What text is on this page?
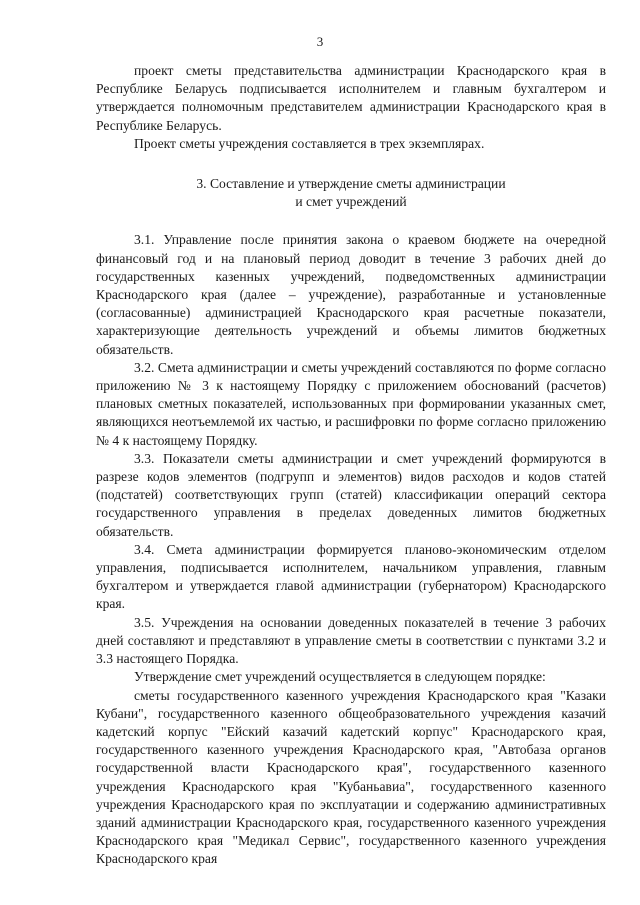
3

проект сметы представительства администрации Краснодарского края в Республике Беларусь подписывается исполнителем и главным бухгалтером и утверждается полномочным представителем администрации Краснодарского края в Республике Беларусь.

Проект сметы учреждения составляется в трех экземплярах.

3. Составление и утверждение сметы администрации
и смет учреждений

3.1. Управление после принятия закона о краевом бюджете на очередной финансовый год и на плановый период доводит в течение 3 рабочих дней до государственных казенных учреждений, подведомственных администрации Краснодарского края (далее – учреждение), разработанные и установленные (согласованные) администрацией Краснодарского края расчетные показатели, характеризующие деятельность учреждений и объемы лимитов бюджетных обязательств.

3.2. Смета администрации и сметы учреждений составляются по форме согласно приложению № 3 к настоящему Порядку с приложением обоснований (расчетов) плановых сметных показателей, использованных при формировании указанных смет, являющихся неотъемлемой их частью, и расшифровки по форме согласно приложению № 4 к настоящему Порядку.

3.3. Показатели сметы администрации и смет учреждений формируются в разрезе кодов элементов (подгрупп и элементов) видов расходов и кодов статей (подстатей) соответствующих групп (статей) классификации операций сектора государственного управления в пределах доведенных лимитов бюджетных обязательств.

3.4. Смета администрации формируется планово-экономическим отделом управления, подписывается исполнителем, начальником управления, главным бухгалтером и утверждается главой администрации (губернатором) Краснодарского края.

3.5. Учреждения на основании доведенных показателей в течение 3 рабочих дней составляют и представляют в управление сметы в соответствии с пунктами 3.2 и 3.3 настоящего Порядка.

Утверждение смет учреждений осуществляется в следующем порядке:

сметы государственного казенного учреждения Краснодарского края "Казаки Кубани", государственного казенного общеобразовательного учреждения казачий кадетский корпус "Ейский казачий кадетский корпус" Краснодарского края, государственного казенного учреждения Краснодарского края, "Автобаза органов государственной власти Краснодарского края", государственного казенного учреждения Краснодарского края "Кубаньавиа", государственного казенного учреждения Краснодарского края по эксплуатации и содержанию административных зданий администрации Краснодарского края, государственного казенного учреждения Краснодарского края "Медикал Сервис", государственного казенного учреждения Краснодарского края
